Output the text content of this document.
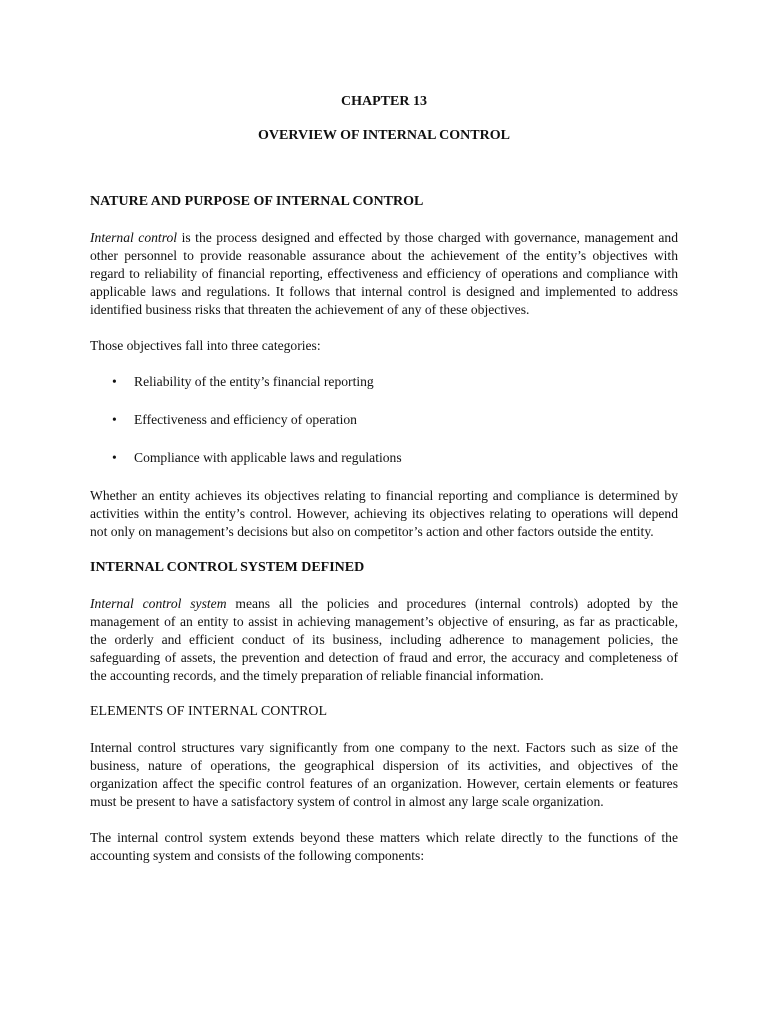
CHAPTER 13
OVERVIEW OF INTERNAL CONTROL
NATURE AND PURPOSE OF INTERNAL CONTROL

Internal control is the process designed and effected by those charged with governance, management and other personnel to provide reasonable assurance about the achievement of the entity’s objectives with regard to reliability of financial reporting, effectiveness and efficiency of operations and compliance with applicable laws and regulations. It follows that internal control is designed and implemented to address identified business risks that threaten the achievement of any of these objectives.

Those objectives fall into three categories:

• Reliability of the entity’s financial reporting
• Effectiveness and efficiency of operation
• Compliance with applicable laws and regulations

Whether an entity achieves its objectives relating to financial reporting and compliance is determined by activities within the entity’s control. However, achieving its objectives relating to operations will depend not only on management’s decisions but also on competitor’s action and other factors outside the entity.

INTERNAL CONTROL SYSTEM DEFINED

Internal control system means all the policies and procedures (internal controls) adopted by the management of an entity to assist in achieving management’s objective of ensuring, as far as practicable, the orderly and efficient conduct of its business, including adherence to management policies, the safeguarding of assets, the prevention and detection of fraud and error, the accuracy and completeness of the accounting records, and the timely preparation of reliable financial information.

ELEMENTS OF INTERNAL CONTROL

Internal control structures vary significantly from one company to the next. Factors such as size of the business, nature of operations, the geographical dispersion of its activities, and objectives of the organization affect the specific control features of an organization. However, certain elements or features must be present to have a satisfactory system of control in almost any large scale organization.

The internal control system extends beyond these matters which relate directly to the functions of the accounting system and consists of the following components:
